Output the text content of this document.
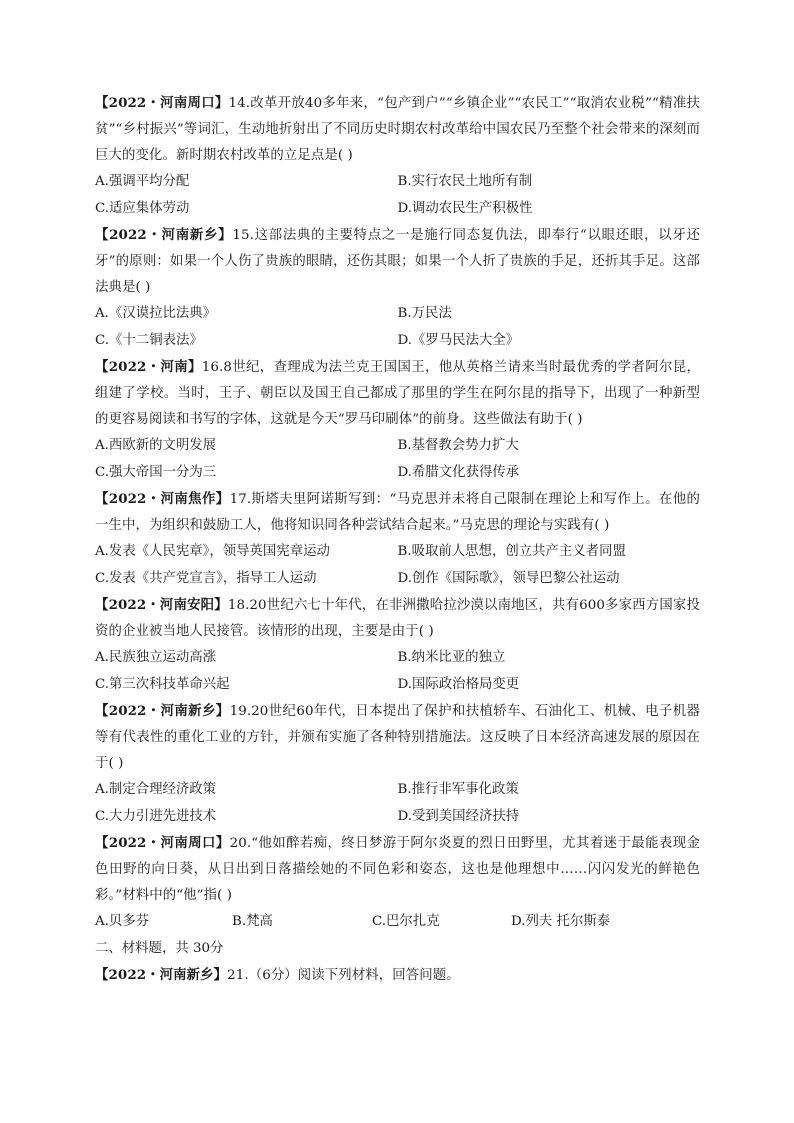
【2022・河南周口】14.改革开放40多年来，“包产到户”“乡镇企业”“农民工”“取消农业税”“精准扶贫”“乡村振兴”等词汇，生动地折射出了不同历史时期农村改革给中国农民乃至整个社会带来的深刻而巨大的变化。新时期农村改革的立足点是( )
A.强调平均分配	B.实行农民土地所有制
C.适应集体劳动	D.调动农民生产积极性
【2022・河南新乡】15.这部法典的主要特点之一是施行同态复仇法，即奉行“以眼还眼，以牙还牙”的原则：如果一个人伤了贵族的眼睛，还伤其眼；如果一个人折了贵族的手足，还折其手足。这部法典是( )
A.《汉谟拉比法典》	B.万民法
C.《十二铜表法》	D.《罗马民法大全》
【2022・河南】16.8世纪，查理成为法兰克王国国王，他从英格兰请来当时最优秀的学者阿尔昆，组建了学校。当时，王子、朝臣以及国王自己都成了那里的学生在阿尔昆的指导下，出现了一种新型的更容易阅读和书写的字体，这就是今天“罗马印刷体”的前身。这些做法有助于( )
A.西欧新的文明发展	B.基督教会势力扩大
C.强大帝国一分为三	D.希腊文化获得传承
【2022・河南焦作】17.斯塔夫里阿诺斯写到：“马克思并未将自己限制在理论上和写作上。在他的一生中，为组织和鼓励工人，他将知识同各种尝试结合起来。”马克思的理论与实践有( )
A.发表《人民宪章》，领导英国宪章运动	B.吸取前人思想，创立共产主义者同盟
C.发表《共产党宣言》，指导工人运动	D.创作《国际歌》，领导巴黎公社运动
【2022・河南安阳】18.20世纪六七十年代，在非洲撒哈拉沙漠以南地区，共有600多家西方国家投资的企业被当地人民接管。该情形的出现，主要是由于( )
A.民族独立运动高涨	B.纳米比亚的独立
C.第三次科技革命兴起	D.国际政治格局变更
【2022・河南新乡】19.20世纪60年代，日本提出了保护和扶植轿车、石油化工、机械、电子机器等有代表性的重化工业的方针，并颁布实施了各种特别措施法。这反映了日本经济高速发展的原因在于( )
A.制定合理经济政策	B.推行非军事化政策
C.大力引进先进技术	D.受到美国经济扶持
【2022・河南周口】20.“他如醉若痴，终日梦游于阿尔炎夏的烈日田野里，尤其着迷于最能表现金色田野的向日葵，从日出到日落描绘她的不同色彩和姿态，这也是他理想中……闪闪发光的鲜艳色彩。”材料中的“他”指( )
A.贝多芬	B.梵高	C.巴尔扎克	D.列夫 托尔斯泰
二、材料题，共 30分
【2022・河南新乡】21.（6分）阅读下列材料，回答问题。
